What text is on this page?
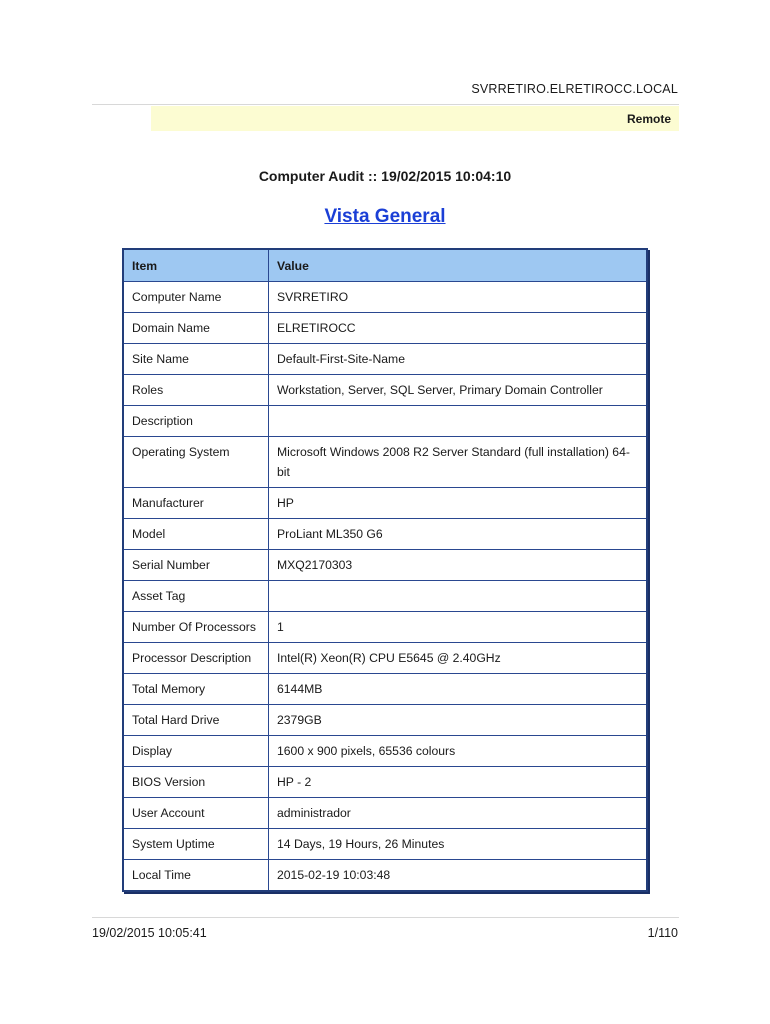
SVRRETIRO.ELRETIROCC.LOCAL
Remote
Computer Audit :: 19/02/2015 10:04:10
Vista General
Item	Value
Computer Name	SVRRETIRO
Domain Name	ELRETIROCC
Site Name	Default-First-Site-Name
Roles	Workstation, Server, SQL Server, Primary Domain Controller
Description	
Operating System	Microsoft Windows 2008 R2 Server Standard (full installation) 64-bit
Manufacturer	HP
Model	ProLiant ML350 G6
Serial Number	MXQ2170303
Asset Tag	
Number Of Processors	1
Processor Description	Intel(R) Xeon(R) CPU E5645 @ 2.40GHz
Total Memory	6144MB
Total Hard Drive	2379GB
Display	1600 x 900 pixels, 65536 colours
BIOS Version	HP - 2
User Account	administrador
System Uptime	14 Days, 19 Hours, 26 Minutes
Local Time	2015-02-19 10:03:48
19/02/2015 10:05:41	1/110
